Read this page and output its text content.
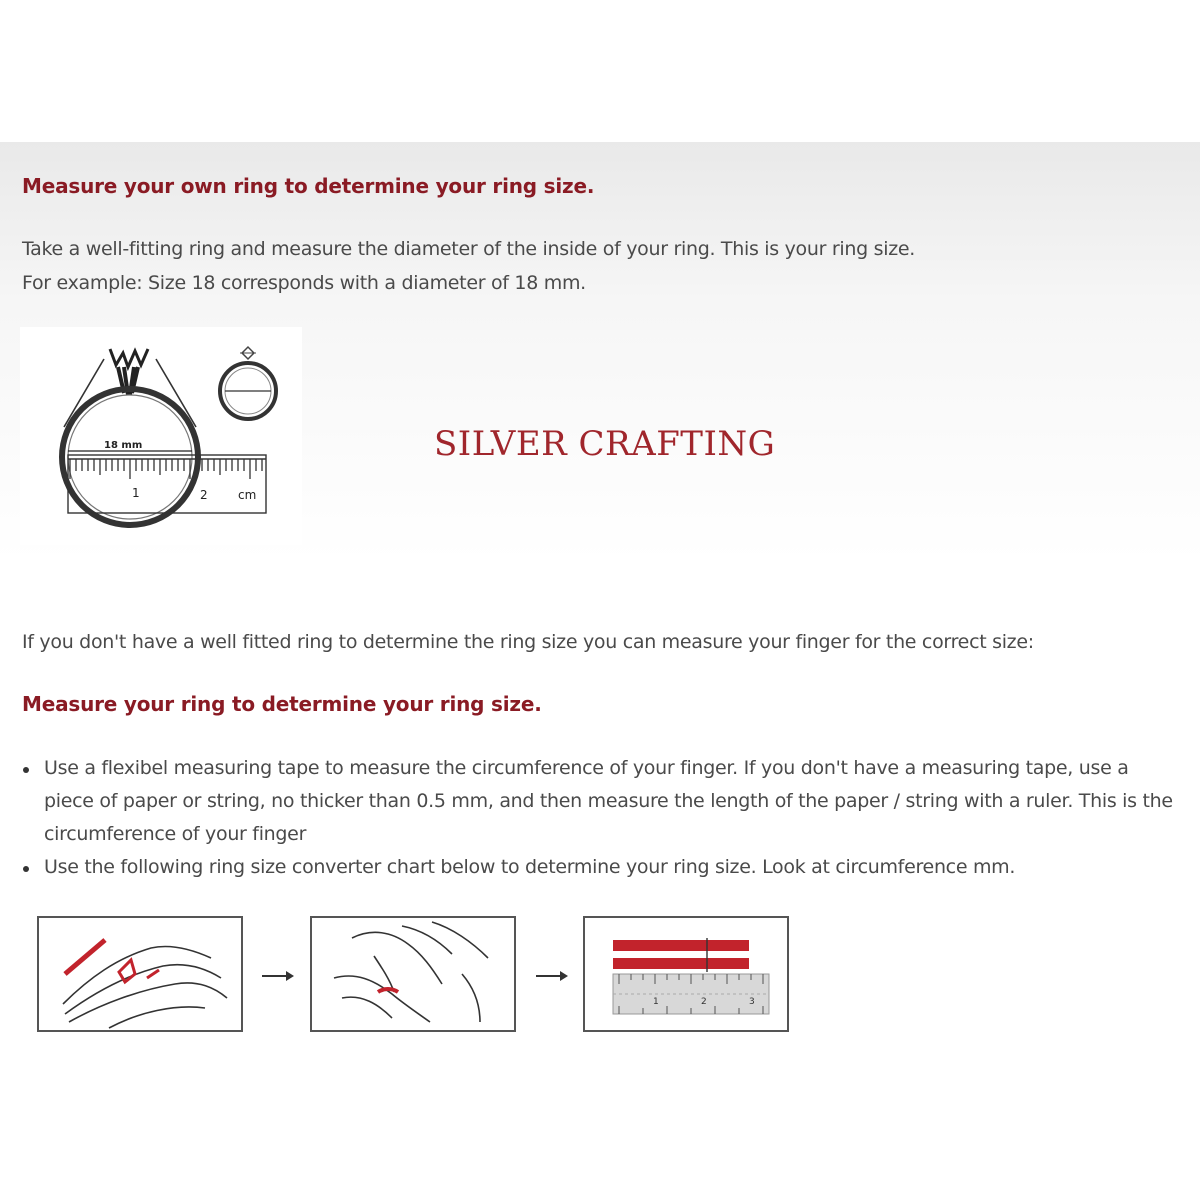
Measure your own ring to determine your ring size.

Take a well-fitting ring and measure the diameter of the inside of your ring. This is your ring size.

For example: Size 18 corresponds with a diameter of 18 mm.

18 mm
1	2	cm
SILVER CRAFTING

If you don't have a well fitted ring to determine the ring size you can measure your finger for the correct size:

Measure your ring to determine your ring size.
Use a flexibel measuring tape to measure the circumference of your finger. If you don't have a measuring tape, use a piece of paper or string, no thicker than 0.5 mm, and then measure the length of the paper / string with a ruler. This is the circumference of your finger
Use the following ring size converter chart below to determine your ring size. Look at circumference mm.
1	2	3
